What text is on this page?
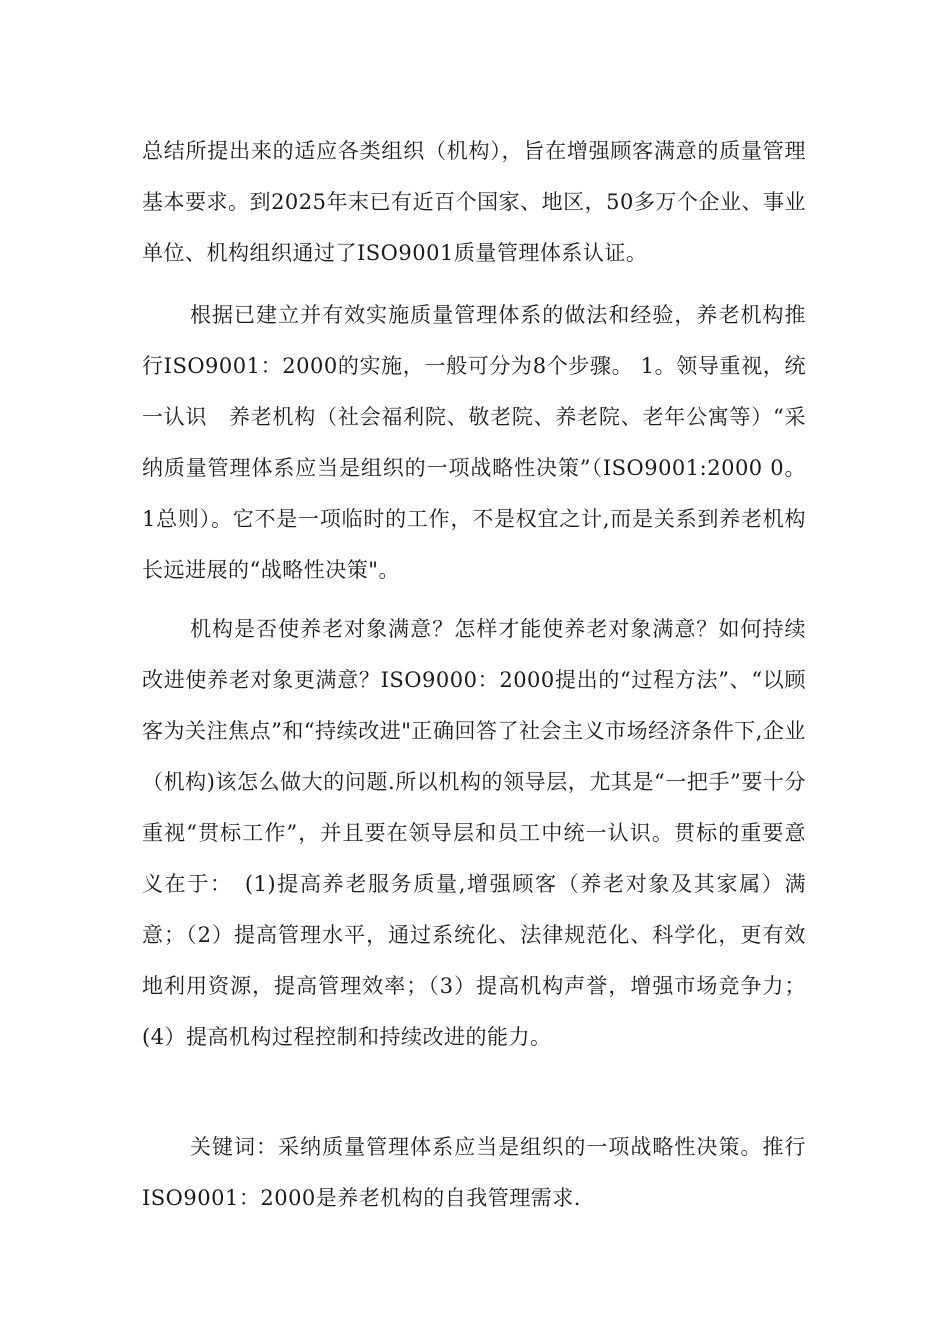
总结所提出来的适应各类组织（机构），旨在增强顾客满意的质量管理基本要求。到2025年末已有近百个国家、地区，50多万个企业、事业单位、机构组织通过了ISO9001质量管理体系认证。

根据已建立并有效实施质量管理体系的做法和经验，养老机构推行ISO9001：2000的实施，一般可分为8个步骤。 1。领导重视，统一认识　养老机构（社会福利院、敬老院、养老院、老年公寓等）“采纳质量管理体系应当是组织的一项战略性决策”（ISO9001:2000 0。1总则）。它不是一项临时的工作，不是权宜之计,而是关系到养老机构长远进展的“战略性决策"。

机构是否使养老对象满意？怎样才能使养老对象满意？如何持续改进使养老对象更满意？ISO9000：2000提出的“过程方法”、“以顾客为关注焦点”和“持续改进"正确回答了社会主义市场经济条件下,企业（机构)该怎么做大的问题.所以机构的领导层，尤其是“一把手”要十分重视“贯标工作”，并且要在领导层和员工中统一认识。贯标的重要意义在于：　(1)提高养老服务质量,增强顾客（养老对象及其家属）满意；（2）提高管理水平，通过系统化、法律规范化、科学化，更有效地利用资源，提高管理效率；（3）提高机构声誉，增强市场竞争力；(4）提高机构过程控制和持续改进的能力。

关键词：采纳质量管理体系应当是组织的一项战略性决策。推行 ISO9001：2000是养老机构的自我管理需求.
